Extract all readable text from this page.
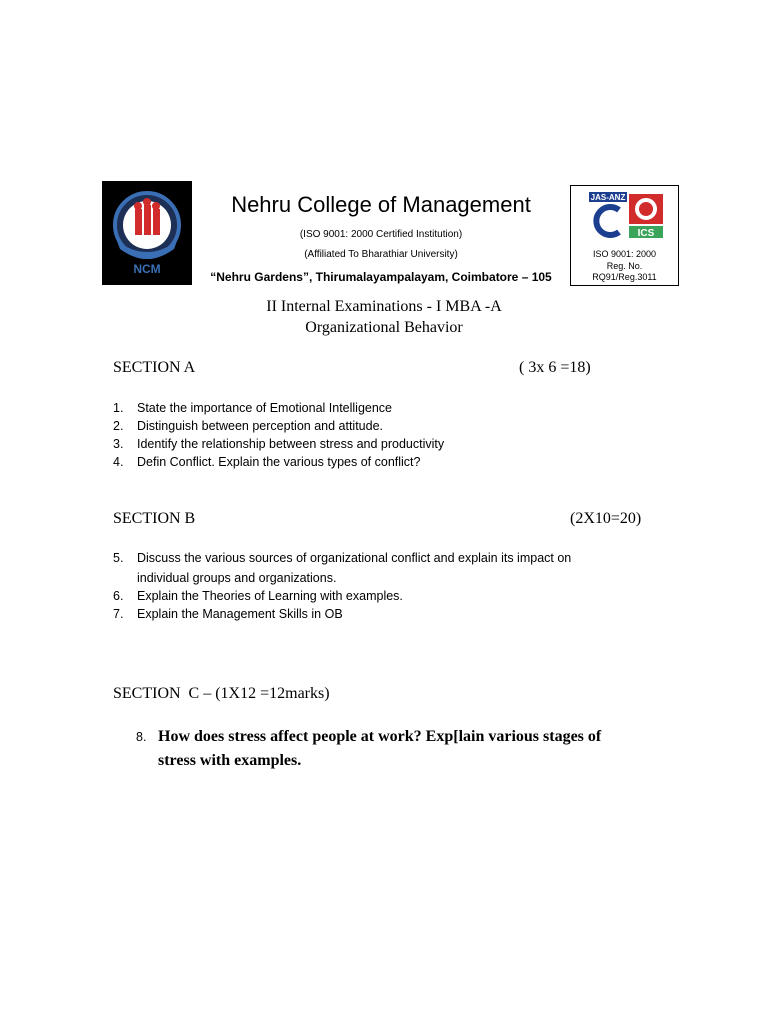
NCM
Nehru College of Management
(ISO 9001: 2000 Certified Institution)
(Affiliated To Bharathiar University)
“Nehru Gardens”, Thirumalayampalayam, Coimbatore – 105
JAS-ANZ
ICS
ISO 9001: 2000
Reg. No.
RQ91/Reg.3011
II Internal Examinations - I MBA -A
Organizational Behavior
SECTION A	( 3x 6 =18)
1. State the importance of Emotional Intelligence
2. Distinguish between perception and attitude.
3. Identify the relationship between stress and productivity
4. Defin Conflict. Explain the various types of conflict?
SECTION B	(2X10=20)
5. Discuss the various sources of organizational conflict and explain its impact on
individual groups and organizations.
6. Explain the Theories of Learning with examples.
7. Explain the Management Skills in OB
SECTION  C – (1X12 =12marks)
8. How does stress affect people at work? Exp[lain various stages of
stress with examples.
